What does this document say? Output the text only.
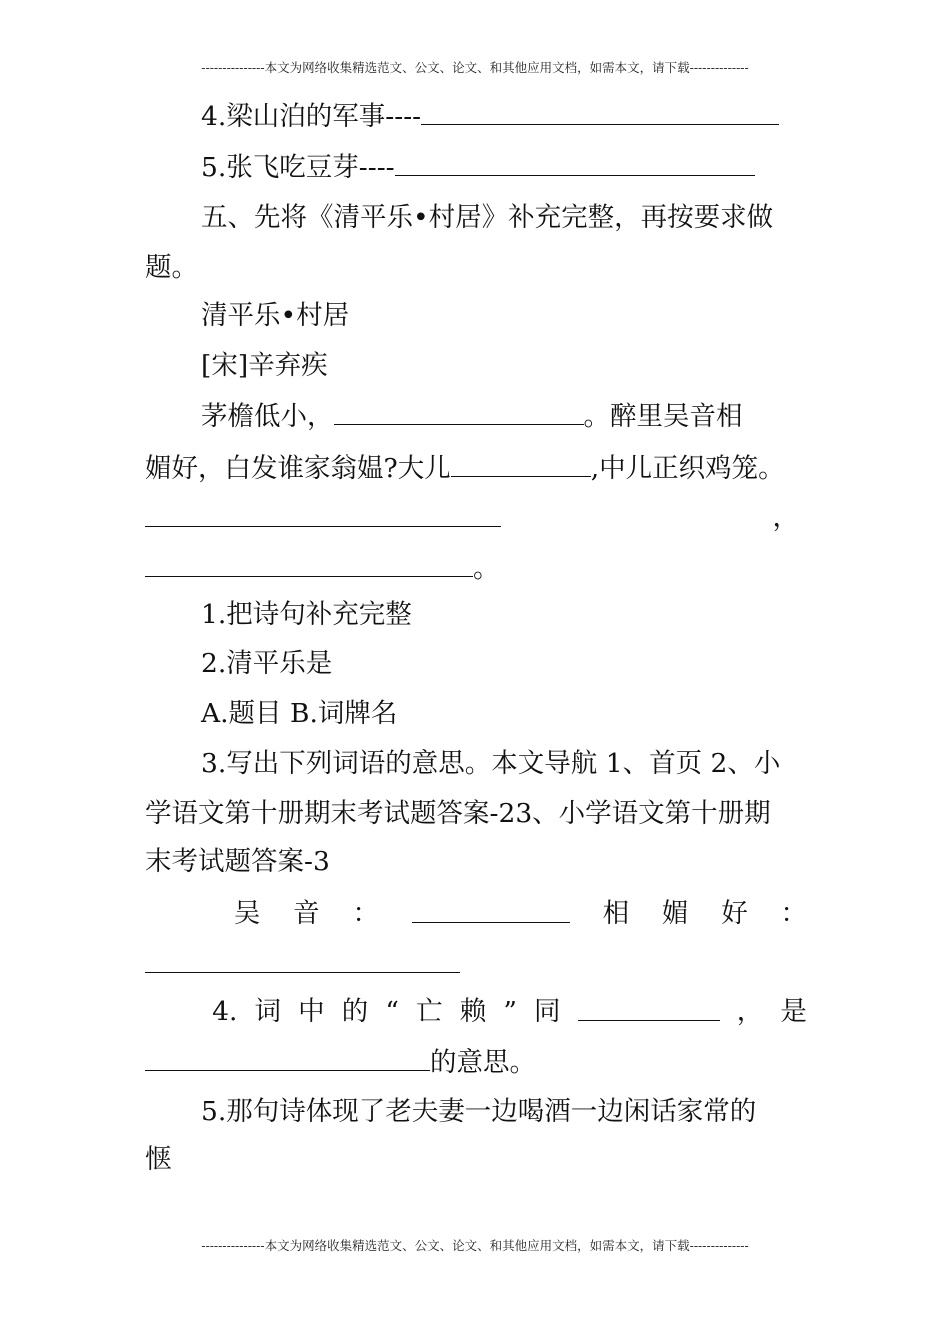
---------------本文为网络收集精选范文、公文、论文、和其他应用文档，如需本文，请下载--------------
4.梁山泊的军事----
5.张飞吃豆芽----
五、先将《清平乐•村居》补充完整，再按要求做
题。
清平乐•村居
[宋]辛弃疾
茅檐低小，	。醉里吴音相
媚好，白发谁家翁媪?大儿	,中儿正织鸡笼。
，
。
1.把诗句补充完整
2.清平乐是
A.题目 B.词牌名
3.写出下列词语的意思。本文导航 1、首页 2、小
学语文第十册期末考试题答案-23、小学语文第十册期
末考试题答案-3
吴 音 ：	相 媚 好 ：
4. 词 中 的 “ 亡 赖 ” 同	， 是
的意思。
5.那句诗体现了老夫妻一边喝酒一边闲话家常的
惬
---------------本文为网络收集精选范文、公文、论文、和其他应用文档，如需本文，请下载--------------
